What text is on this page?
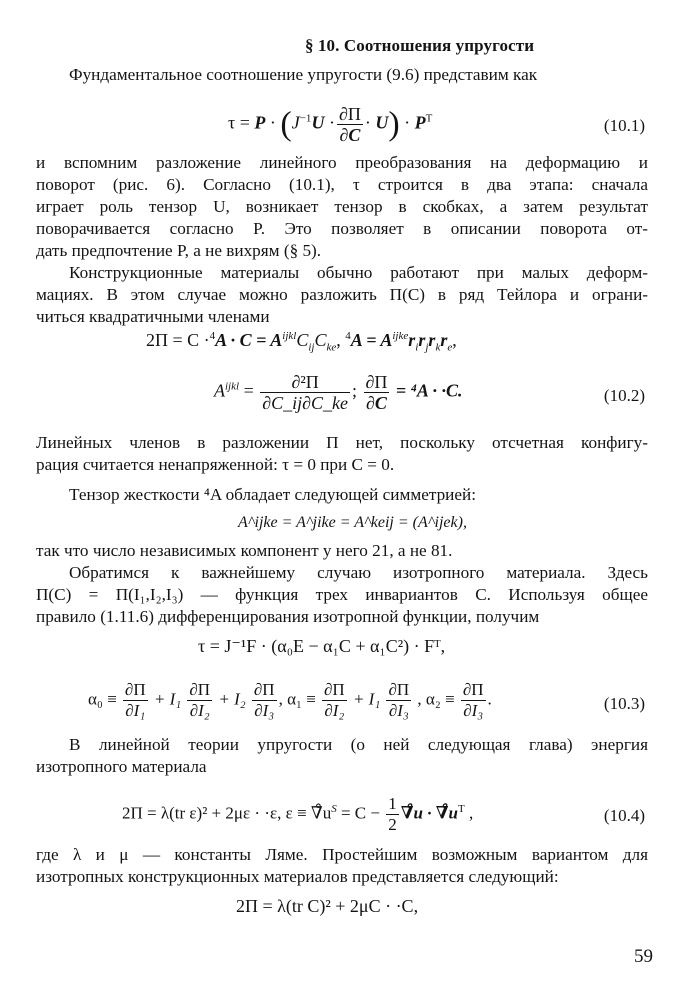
§ 10. Соотношения упругости
Фундаментальное соотношение упругости (9.6) представим как
$\tau = P \cdot (J^{-1}U \cdot \frac{\partial\Pi}{\partial C} \cdot U) \cdot P^T$	(10.1)
и вспомним разложение линейного преобразования на деформацию и
поворот (рис. 6). Согласно (10.1), τ строится в два этапа: сначала
играет роль тензор U, возникает тензор в скобках, а затем результат
поворачивается согласно P. Это позволяет в описании поворота от-
дать предпочтение P, а не вихрям (§ 5).
Конструкционные материалы обычно работают при малых деформ-
мациях. В этом случае можно разложить П(C) в ряд Тейлора и ограни-
читься квадратичными членами
$2П = C \cdot^4A \cdot C = A^{ijkl}C_{ij}C_{ke}$, $^4A = A^{ijke}r_ir_jr_kr_e$,
$A^{ijkl} = \frac{\text{∂²П}}{\partial C\_ij\partial C\_ke}$ ; $\frac{\partial П}{\partial C} = ^4A \cdot \cdot C$.	(10.2)
Линейных членов в разложении П нет, поскольку отсчетная конфигу-
рация считается ненапряженной: τ = 0 при C = 0.
Тензор жесткости ⁴A обладает следующей симметрией:
A^ijke = A^jike = A^keij = (A^ijek),
так что число независимых компонент у него 21, а не 81.
Обратимся к важнейшему случаю изотропного материала. Здесь
П(C) = П(I₁,I₂,I₃) — функция трех инвариантов C. Используя общее
правило (1.11.6) дифференцирования изотропной функции, получим
τ = J⁻¹F · (α₀E − α₁C + α₁C²) · Fᵀ,
$\alpha_0 \equiv \frac{\partial П}{\text{∂I₁}} + I_1 \frac{\partial П}{\text{∂I₂}} + I_2 \frac{\partial П}{\text{∂I₃}}$ , $\alpha_1 \equiv \frac{\partial П}{\text{∂I₂}} + I_1 \frac{\partial П}{\text{∂I₃}}$ , $\alpha_2 \equiv \frac{\partial П}{\text{∂I₃}}$ .	(10.3)
В линейной теории упругости (о ней следующая глава) энергия
изотропного материала
2П = λ(tr ε)² + 2με · ·ε, $\varepsilon \equiv \nablåu^S = C - \frac{1}{2}$ ∇̊u · $\nablåu^T$ ,	(10.4)
где λ и μ — константы Ляме. Простейшим возможным вариантом для
изотропных конструкционных материалов представляется следующий:
2П = λ(tr C)² + 2μC · ·C,
59
